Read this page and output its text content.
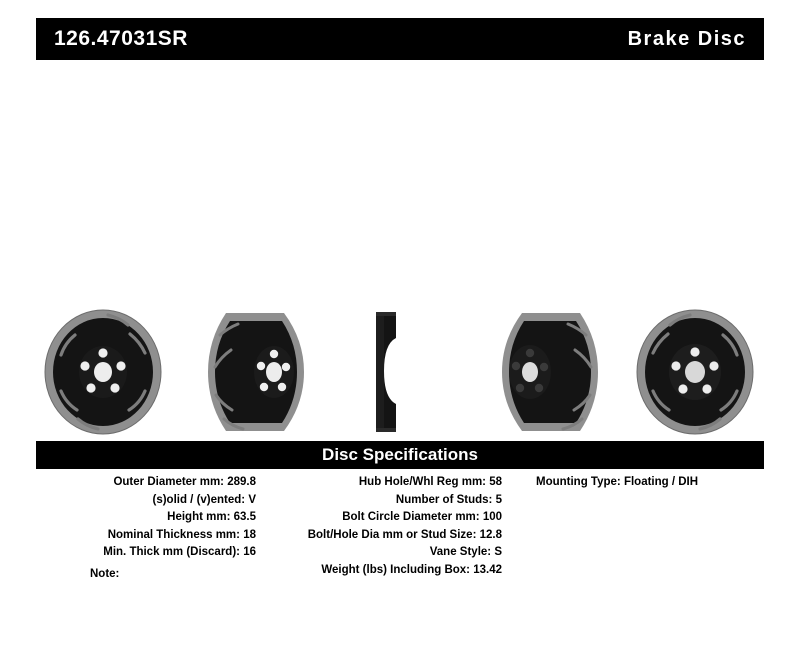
126.47031SR	Brake Disc
Disc Specifications
Outer Diameter mm: 289.8
(s)olid / (v)ented: V
Height mm: 63.5
Nominal Thickness mm: 18
Min. Thick mm (Discard): 16
Hub Hole/Whl Reg mm: 58
Number of Studs: 5
Bolt Circle Diameter mm: 100
Bolt/Hole Dia mm or Stud Size: 12.8
Vane Style: S
Weight (lbs) Including Box: 13.42
Mounting Type: Floating / DIH
Note:
